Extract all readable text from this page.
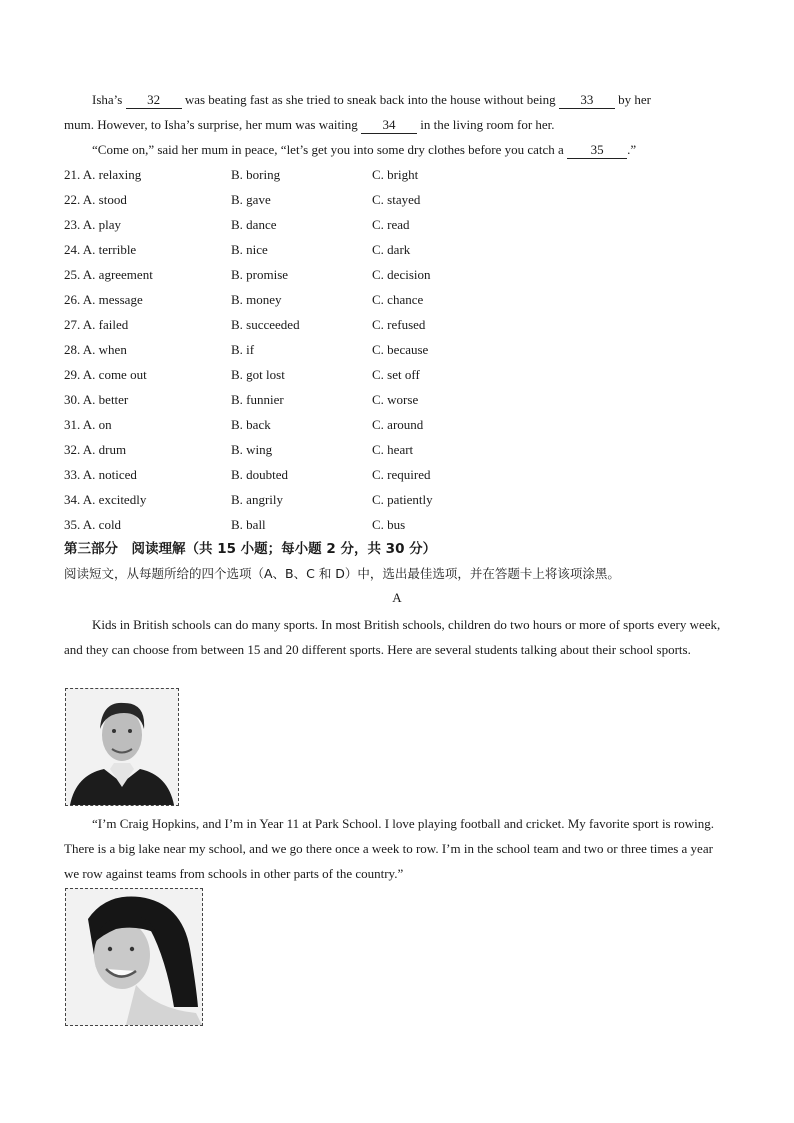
Isha’s 32 was beating fast as she tried to sneak back into the house without being 33 by her
mum. However, to Isha’s surprise, her mum was waiting 34 in the living room for her.
“Come on,” said her mum in peace, “let’s get you into some dry clothes before you catch a 35 .”

21. A. relaxing	B. boring	C. bright
22. A. stood	B. gave	C. stayed
23. A. play	B. dance	C. read
24. A. terrible	B. nice	C. dark
25. A. agreement	B. promise	C. decision
26. A. message	B. money	C. chance
27. A. failed	B. succeeded	C. refused
28. A. when	B. if	C. because
29. A. come out	B. got lost	C. set off
30. A. better	B. funnier	C. worse
31. A. on	B. back	C. around
32. A. drum	B. wing	C. heart
33. A. noticed	B. doubted	C. required
34. A. excitedly	B. angrily	C. patiently
35. A. cold	B. ball	C. bus
第三部分　阅读理解（共 15 小题；每小题 2 分，共 30 分）
阅读短文，从每题所给的四个选项（A、B、C 和 D）中，选出最佳选项，并在答题卡上将该项涂黑。
A

Kids in British schools can do many sports. In most British schools, children do two hours or more of sports every week, and they can choose from between 15 and 20 different sports. Here are several students talking about their school sports.

“I’m Craig Hopkins, and I’m in Year 11 at Park School. I love playing football and cricket. My favorite sport is rowing. There is a big lake near my school, and we go there once a week to row. I’m in the school team and two or three times a year we row against teams from schools in other parts of the country.”
